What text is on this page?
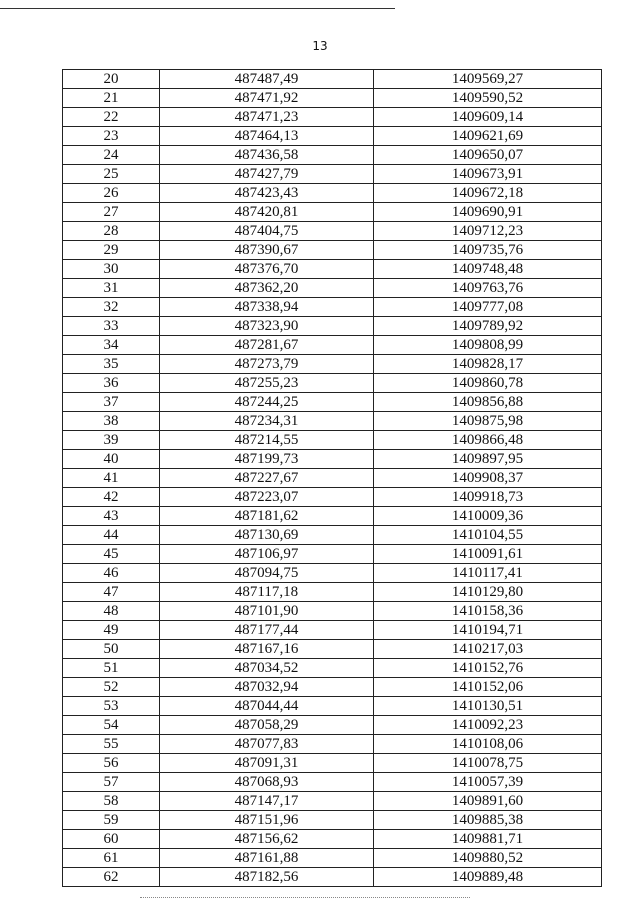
13
20	487487,49	1409569,27
21	487471,92	1409590,52
22	487471,23	1409609,14
23	487464,13	1409621,69
24	487436,58	1409650,07
25	487427,79	1409673,91
26	487423,43	1409672,18
27	487420,81	1409690,91
28	487404,75	1409712,23
29	487390,67	1409735,76
30	487376,70	1409748,48
31	487362,20	1409763,76
32	487338,94	1409777,08
33	487323,90	1409789,92
34	487281,67	1409808,99
35	487273,79	1409828,17
36	487255,23	1409860,78
37	487244,25	1409856,88
38	487234,31	1409875,98
39	487214,55	1409866,48
40	487199,73	1409897,95
41	487227,67	1409908,37
42	487223,07	1409918,73
43	487181,62	1410009,36
44	487130,69	1410104,55
45	487106,97	1410091,61
46	487094,75	1410117,41
47	487117,18	1410129,80
48	487101,90	1410158,36
49	487177,44	1410194,71
50	487167,16	1410217,03
51	487034,52	1410152,76
52	487032,94	1410152,06
53	487044,44	1410130,51
54	487058,29	1410092,23
55	487077,83	1410108,06
56	487091,31	1410078,75
57	487068,93	1410057,39
58	487147,17	1409891,60
59	487151,96	1409885,38
60	487156,62	1409881,71
61	487161,88	1409880,52
62	487182,56	1409889,48
